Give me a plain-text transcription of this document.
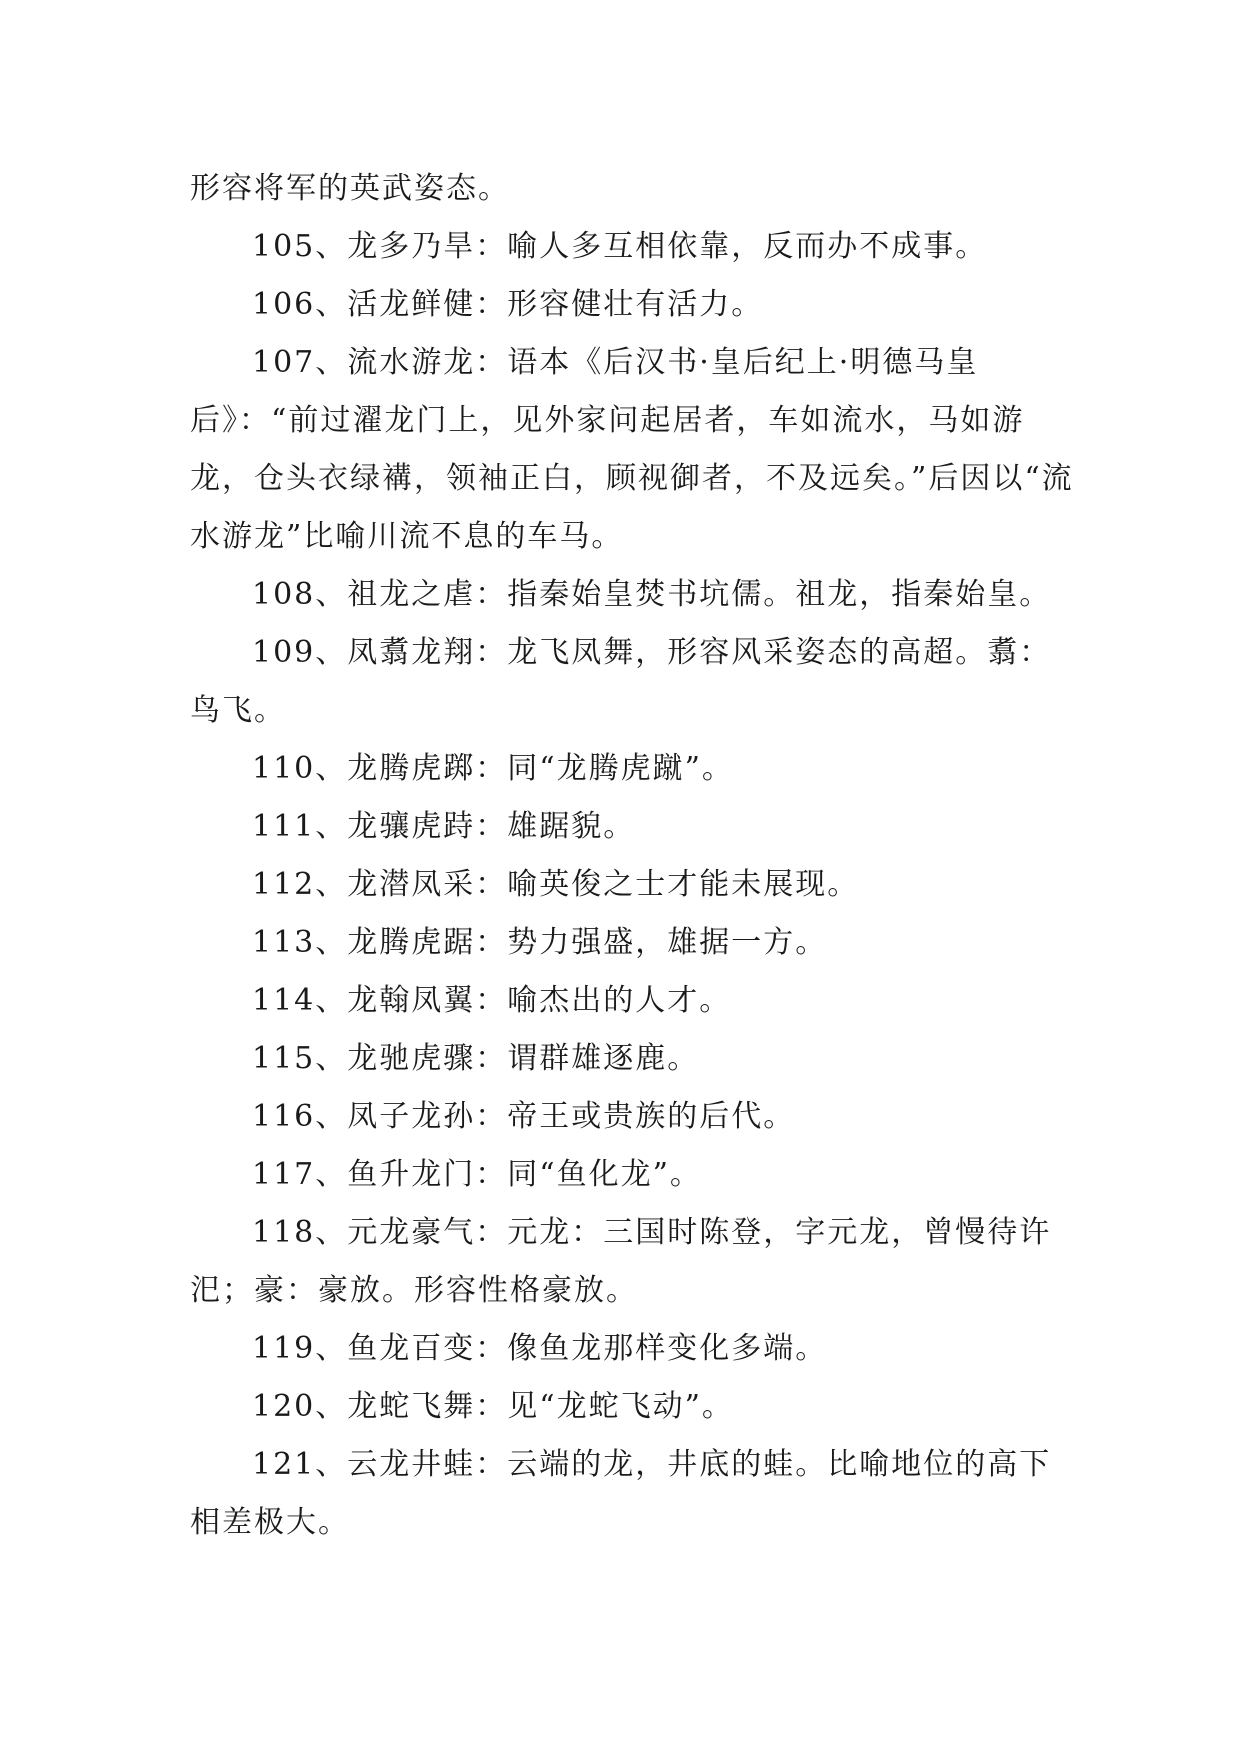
形容将军的英武姿态。

105、龙多乃旱：喻人多互相依靠，反而办不成事。

106、活龙鲜健：形容健壮有活力。

107、流水游龙：语本《后汉书·皇后纪上·明德马皇后》：“前过濯龙门上，见外家问起居者，车如流水，马如游龙，仓头衣绿褠，领袖正白，顾视御者，不及远矣。”后因以“流水游龙”比喻川流不息的车马。

108、祖龙之虐：指秦始皇焚书坑儒。祖龙，指秦始皇。

109、凤翥龙翔：龙飞凤舞，形容风采姿态的高超。翥：鸟飞。

110、龙腾虎踯：同“龙腾虎蹴”。

111、龙骧虎跱：雄踞貌。

112、龙潜凤采：喻英俊之士才能未展现。

113、龙腾虎踞：势力强盛，雄据一方。

114、龙翰凤翼：喻杰出的人才。

115、龙驰虎骤：谓群雄逐鹿。

116、凤子龙孙：帝王或贵族的后代。

117、鱼升龙门：同“鱼化龙”。

118、元龙豪气：元龙：三国时陈登，字元龙，曾慢待许汜；豪：豪放。形容性格豪放。

119、鱼龙百变：像鱼龙那样变化多端。

120、龙蛇飞舞：见“龙蛇飞动”。

121、云龙井蛙：云端的龙，井底的蛙。比喻地位的高下相差极大。
